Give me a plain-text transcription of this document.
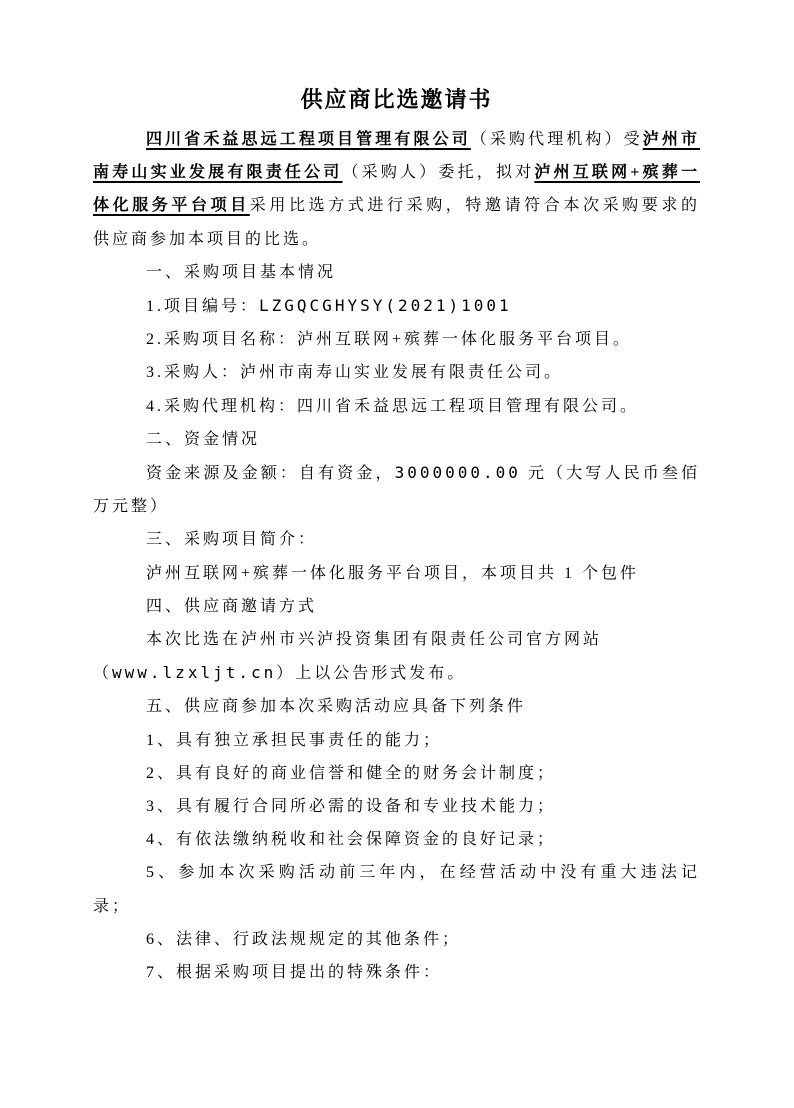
供应商比选邀请书

四川省禾益思远工程项目管理有限公司（采购代理机构）受泸州市南寿山实业发展有限责任公司（采购人）委托，拟对泸州互联网+殡葬一体化服务平台项目采用比选方式进行采购，特邀请符合本次采购要求的供应商参加本项目的比选。

一、采购项目基本情况

1.项目编号：LZGQCGHYSY(2021)1001

2.采购项目名称：泸州互联网+殡葬一体化服务平台项目。

3.采购人：泸州市南寿山实业发展有限责任公司。

4.采购代理机构：四川省禾益思远工程项目管理有限公司。

二、资金情况

资金来源及金额：自有资金，3000000.00 元（大写人民币叁佰万元整）

三、采购项目简介：

泸州互联网+殡葬一体化服务平台项目，本项目共 1 个包件

四、供应商邀请方式

本次比选在泸州市兴泸投资集团有限责任公司官方网站
（www.lzxljt.cn）上以公告形式发布。

五、供应商参加本次采购活动应具备下列条件

1、具有独立承担民事责任的能力；

2、具有良好的商业信誉和健全的财务会计制度；

3、具有履行合同所必需的设备和专业技术能力；

4、有依法缴纳税收和社会保障资金的良好记录；

5、参加本次采购活动前三年内，在经营活动中没有重大违法记录；

6、法律、行政法规规定的其他条件；

7、根据采购项目提出的特殊条件：
